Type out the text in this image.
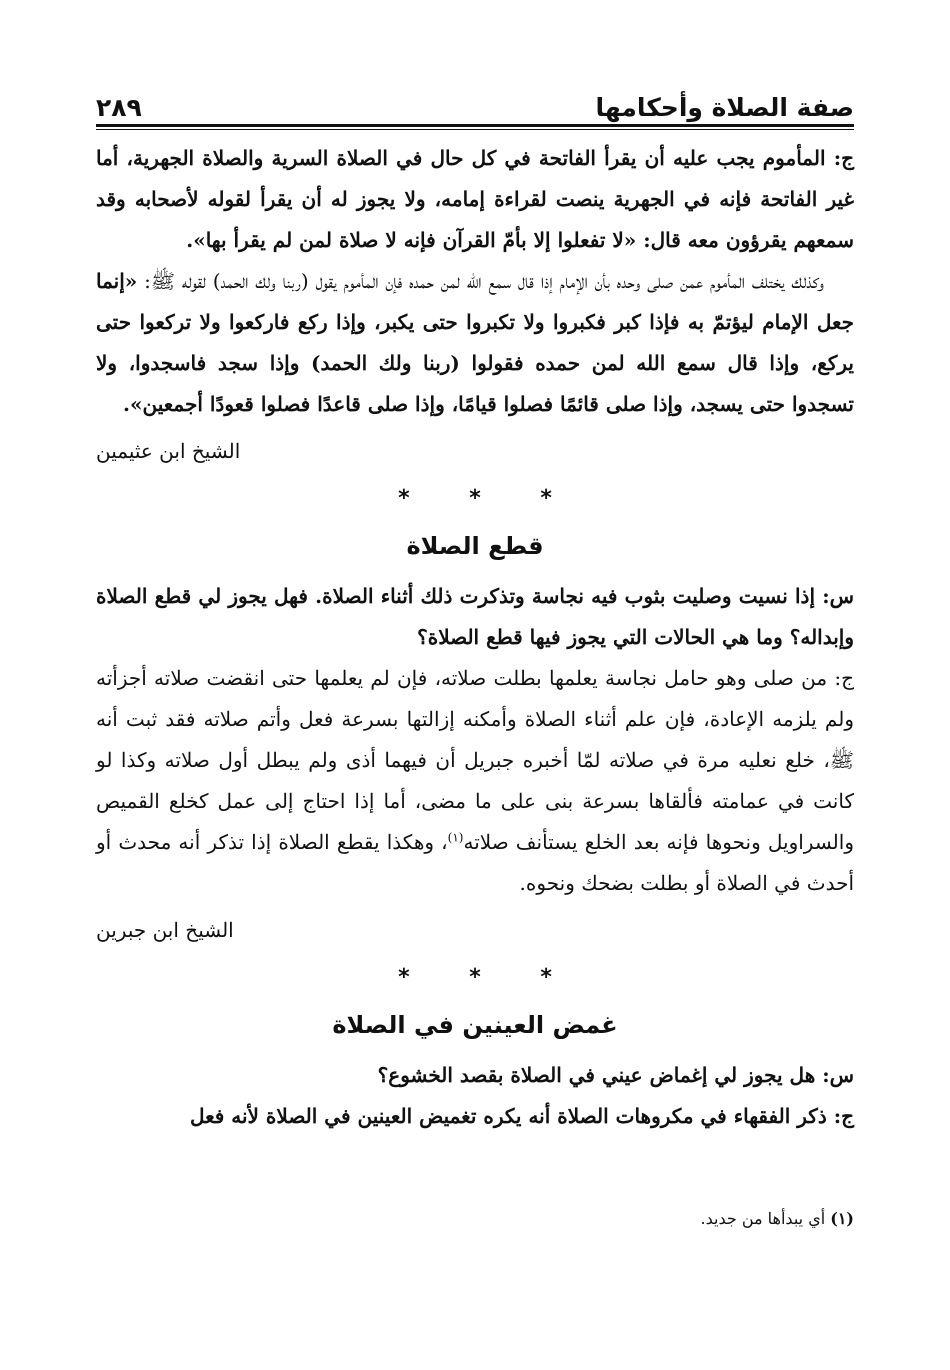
صفة الصلاة وأحكامها
٢٨٩

ج: المأموم يجب عليه أن يقرأ الفاتحة في كل حال في الصلاة السرية والصلاة الجهرية، أما غير الفاتحة فإنه في الجهرية ينصت لقراءة إمامه، ولا يجوز له أن يقرأ لقوله لأصحابه وقد سمعهم يقرؤون معه قال: «لا تفعلوا إلا بأمّ القرآن فإنه لا صلاة لمن لم يقرأ بها».

وكذلك يختلف المأموم عمن صلى وحده بأن الإمام إذا قال سمع الله لمن حمده فإن المأموم يقول (ربنا ولك الحمد) لقوله ﷺ: «إنما جعل الإمام ليؤتمّ به فإذا كبر فكبروا ولا تكبروا حتى يكبر، وإذا ركع فاركعوا ولا تركعوا حتى يركع، وإذا قال سمع الله لمن حمده فقولوا (ربنا ولك الحمد) وإذا سجد فاسجدوا، ولا تسجدوا حتى يسجد، وإذا صلى قائمًا فصلوا قيامًا، وإذا صلى قاعدًا فصلوا قعودًا أجمعين».

الشيخ ابن عثيمين

* * *
قطع الصلاة

س: إذا نسيت وصليت بثوب فيه نجاسة وتذكرت ذلك أثناء الصلاة. فهل يجوز لي قطع الصلاة وإبداله؟ وما هي الحالات التي يجوز فيها قطع الصلاة؟

ج: من صلى وهو حامل نجاسة يعلمها بطلت صلاته، فإن لم يعلمها حتى انقضت صلاته أجزأته ولم يلزمه الإعادة، فإن علم أثناء الصلاة وأمكنه إزالتها بسرعة فعل وأتم صلاته فقد ثبت أنه ﷺ، خلع نعليه مرة في صلاته لمّا أخبره جبريل أن فيهما أذى ولم يبطل أول صلاته وكذا لو كانت في عمامته فألقاها بسرعة بنى على ما مضى، أما إذا احتاج إلى عمل كخلع القميص والسراويل ونحوها فإنه بعد الخلع يستأنف صلاته$^{(١)}$، وهكذا يقطع الصلاة إذا تذكر أنه محدث أو أحدث في الصلاة أو بطلت بضحك ونحوه.

الشيخ ابن جبرين

* * *
غمض العينين في الصلاة

س: هل يجوز لي إغماض عيني في الصلاة بقصد الخشوع؟

ج: ذكر الفقهاء في مكروهات الصلاة أنه يكره تغميض العينين في الصلاة لأنه فعل

(١) أي يبدأها من جديد.
